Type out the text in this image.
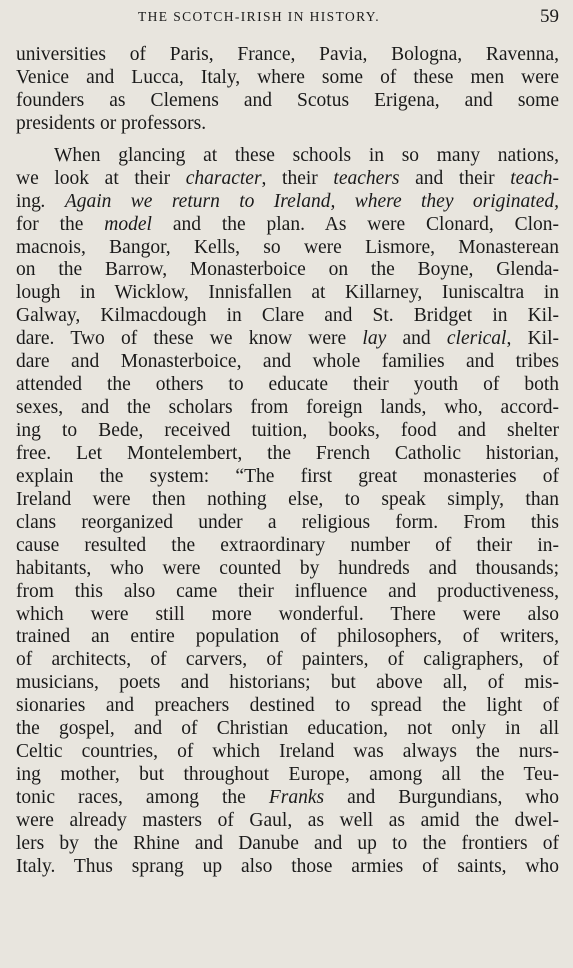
THE SCOTCH-IRISH IN HISTORY.	59
universities of Paris, France, Pavia, Bologna, Ravenna,
Venice and Lucca, Italy, where some of these men were
founders as Clemens and Scotus Erigena, and some
presidents or professors.
When glancing at these schools in so many nations,
we look at their character, their teachers and their teach-
ing. Again we return to Ireland, where they originated,
for the model and the plan. As were Clonard, Clon-
macnois, Bangor, Kells, so were Lismore, Monasterean
on the Barrow, Monasterboice on the Boyne, Glenda-
lough in Wicklow, Innisfallen at Killarney, Iuniscaltra in
Galway, Kilmacdough in Clare and St. Bridget in Kil-
dare. Two of these we know were lay and clerical, Kil-
dare and Monasterboice, and whole families and tribes
attended the others to educate their youth of both
sexes, and the scholars from foreign lands, who, accord-
ing to Bede, received tuition, books, food and shelter
free. Let Montelembert, the French Catholic historian,
explain the system: “The first great monasteries of
Ireland were then nothing else, to speak simply, than
clans reorganized under a religious form. From this
cause resulted the extraordinary number of their in-
habitants, who were counted by hundreds and thousands;
from this also came their influence and productiveness,
which were still more wonderful. There were also
trained an entire population of philosophers, of writers,
of architects, of carvers, of painters, of caligraphers, of
musicians, poets and historians; but above all, of mis-
sionaries and preachers destined to spread the light of
the gospel, and of Christian education, not only in all
Celtic countries, of which Ireland was always the nurs-
ing mother, but throughout Europe, among all the Teu-
tonic races, among the Franks and Burgundians, who
were already masters of Gaul, as well as amid the dwel-
lers by the Rhine and Danube and up to the frontiers of
Italy. Thus sprang up also those armies of saints, who
